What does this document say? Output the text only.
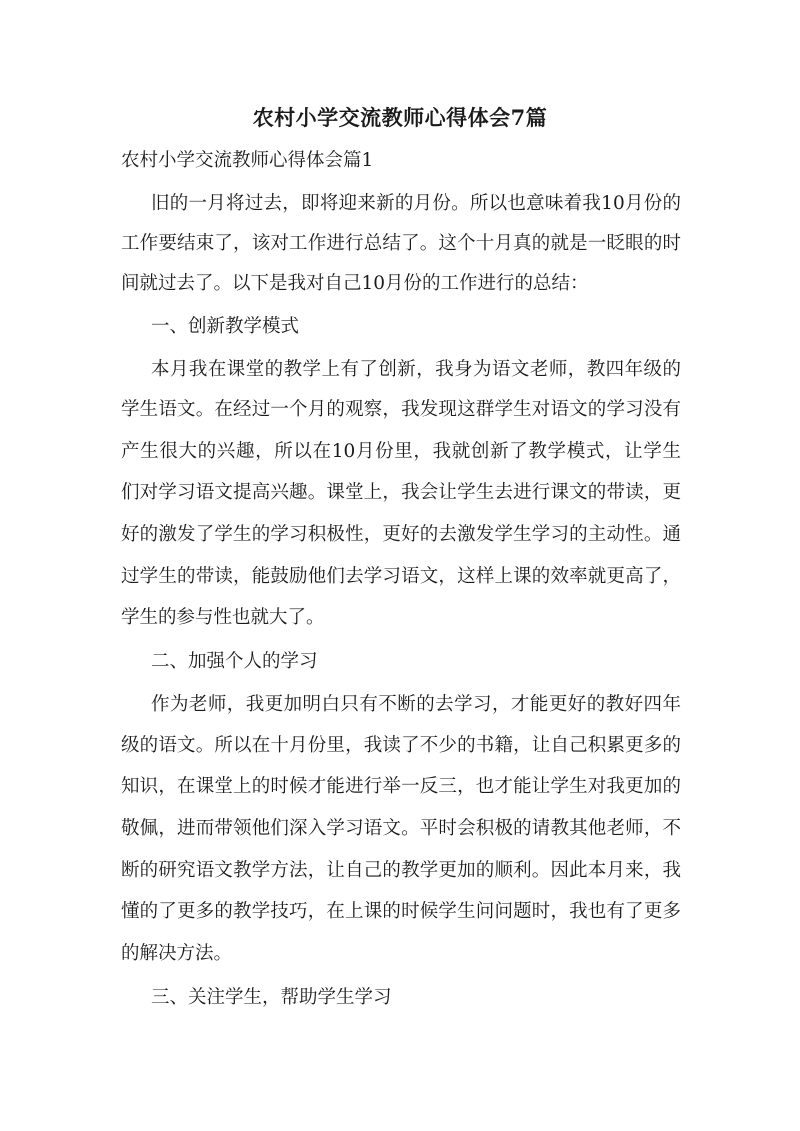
农村小学交流教师心得体会7篇

农村小学交流教师心得体会篇1

旧的一月将过去，即将迎来新的月份。所以也意味着我10月份的

工作要结束了，该对工作进行总结了。这个十月真的就是一眨眼的时

间就过去了。以下是我对自己10月份的工作进行的总结：

一、创新教学模式

本月我在课堂的教学上有了创新，我身为语文老师，教四年级的

学生语文。在经过一个月的观察，我发现这群学生对语文的学习没有

产生很大的兴趣，所以在10月份里，我就创新了教学模式，让学生

们对学习语文提高兴趣。课堂上，我会让学生去进行课文的带读，更

好的激发了学生的学习积极性，更好的去激发学生学习的主动性。通

过学生的带读，能鼓励他们去学习语文，这样上课的效率就更高了，

学生的参与性也就大了。

二、加强个人的学习

作为老师，我更加明白只有不断的去学习，才能更好的教好四年

级的语文。所以在十月份里，我读了不少的书籍，让自己积累更多的

知识，在课堂上的时候才能进行举一反三，也才能让学生对我更加的

敬佩，进而带领他们深入学习语文。平时会积极的请教其他老师，不

断的研究语文教学方法，让自己的教学更加的顺利。因此本月来，我

懂的了更多的教学技巧，在上课的时候学生问问题时，我也有了更多

的解决方法。

三、关注学生，帮助学生学习
